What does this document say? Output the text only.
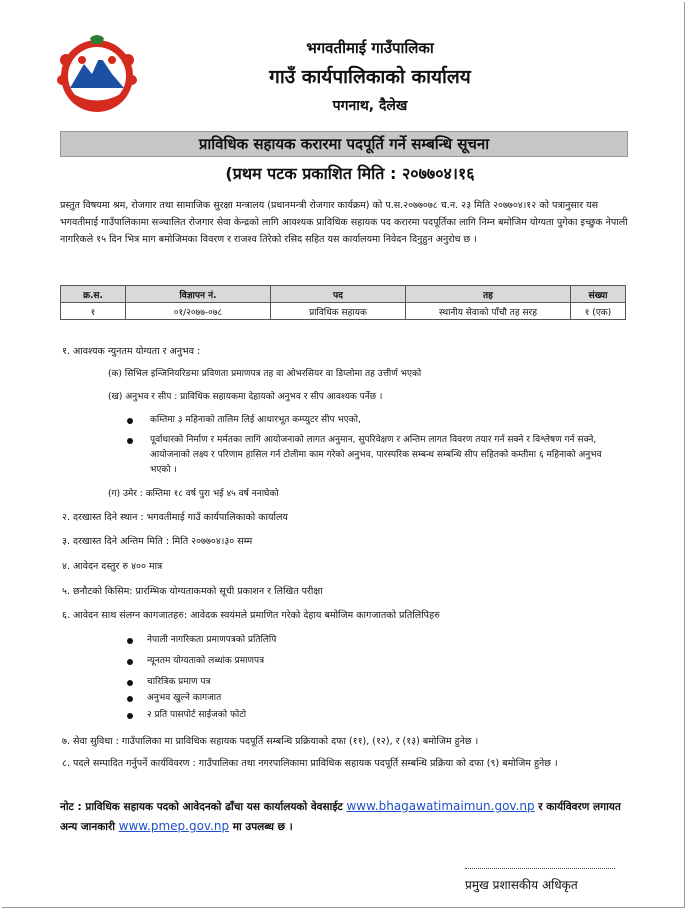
भगवतीमाई गाउँपालिका
गाउँ कार्यपालिकाको कार्यालय
पगनाथ, दैलेख
प्राविधिक सहायक करारमा पदपूर्ति गर्ने सम्बन्धि सूचना
(प्रथम पटक प्रकाशित मिति : २०७७०४।१६
प्रस्तुत विषयमा श्रम, रोजगार तथा सामाजिक सुरक्षा मन्त्रालय (प्रधानमन्त्री रोजगार कार्यक्रम) को प.स.२०७७०७८ च.न. २३ मिति २०७७०४।१२ को पत्रानुसार यस भगवतीमाई गाउँपालिकामा सञ्चालित रोजगार सेवा केन्द्रको लागि आवश्यक प्राविधिक सहायक पद करारमा पदपूर्तिका लागि निम्न बमोजिम योग्यता पुगेका इच्छुक नेपाली नागरिकले १५ दिन भित्र माग बमोजिमका विवरण र राजश्व तिरेको रसिद सहित यस कार्यालयमा निवेदन दिनुहुन अनुरोध छ ।
क्र.स.	विज्ञापन नं.	पद	तह	संख्या
१	०१/२०७७-०७८	प्राविधिक सहायक	स्थानीय सेवाको पाँचौ तह सरह	१ (एक)
१. आवश्यक न्युनतम योग्यता र अनुभव :
(क) सिभिल इन्जिनियरिङमा प्रविणता प्रमाणपत्र तह वा ओभरसियर वा डिप्लोमा तह उत्तीर्ण भएको
(ख) अनुभव र सीप : प्राविधिक सहायकमा देहायको अनुभव र सीप आवश्यक पर्नेछ ।
कम्तिमा ३ महिनाको तालिम लिई आधारभूत कम्प्युटर सीप भएको,
पूर्वाधारको निर्माण र मर्मतका लागि आयोजनाको लागत अनुमान, सुपरिवेक्षण र अन्तिम लागत विवरण तयार गर्न सक्ने र विश्लेषण गर्न सक्ने, आयोजनाको लक्ष्य र परिणाम हासिल गर्न टोलीमा काम गरेको अनुभव, पारस्परिक सम्बन्ध सम्बन्धि सीप सहितको कम्तीमा ६ महिनाको अनुभव भएको ।
(ग) उमेर : कम्तिमा १८ वर्ष पुरा भई ४५ वर्ष ननाघेको
२. दरखास्त दिने स्थान : भगवतीमाई गाउँ कार्यपालिकाको कार्यालय
३. दरखास्त दिने अन्तिम मिति : मिति २०७७०४।३० सम्म
४. आवेदन दस्तुर रु ४०० मात्र
५. छनौटको किसिम: प्रारम्भिक योग्यताकमको सूची प्रकाशन र लिखित परीक्षा
६. आवेदन साथ संलग्न कागजातहरु: आवेदक स्वयंमले प्रमाणित गरेको देहाय बमोजिम कागजातको प्रतिलिपिहरु
नेपाली नागरिकता प्रमाणपत्रको प्रतिलिपि
न्यूनतम योग्यताको लब्धांक प्रमाणपत्र
चारित्रिक प्रमाण पत्र
अनुभव खुल्ने कागजात
२ प्रति पासपोर्ट साईजको फोटो
७. सेवा सुविधा : गाउँपालिका मा प्राविधिक सहायक पदपूर्ति सम्बन्धि प्रक्रियाको दफा (११), (१२), र (१३) बमोजिम हुनेछ ।
८. पदले सम्पादित गर्नुपर्ने कार्यविवरण : गाउँपालिका तथा नगरपालिकामा प्राविधिक सहायक पदपूर्ति सम्बन्धि प्रक्रिया को दफा (९) बमोजिम हुनेछ ।
नोट : प्राविधिक सहायक पदको आवेदनको ढाँचा यस कार्यालयको वेवसाईट www.bhagawatimaimun.gov.np र कार्यविवरण लगायत अन्य जानकारी www.pmep.gov.np मा उपलब्ध छ ।
प्रमुख प्रशासकीय अधिकृत
